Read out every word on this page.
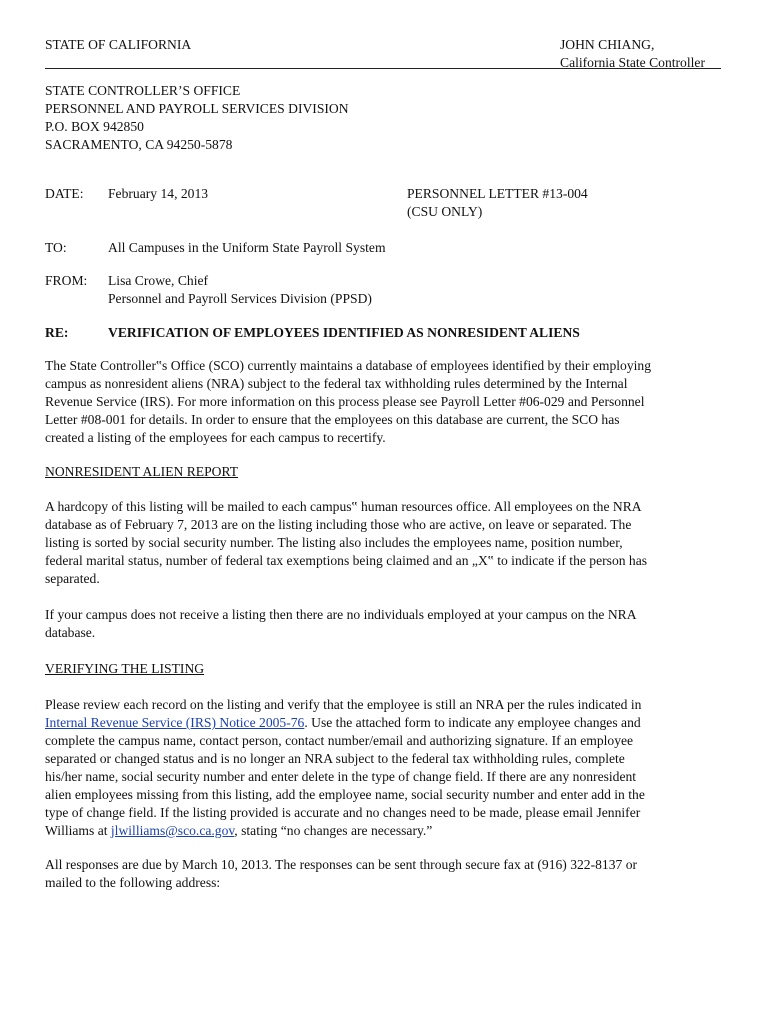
STATE OF CALIFORNIA	JOHN CHIANG,
California State Controller
STATE CONTROLLER’S OFFICE
PERSONNEL AND PAYROLL SERVICES DIVISION
P.O. BOX 942850
SACRAMENTO, CA 94250-5878
DATE: February 14, 2013	PERSONNEL LETTER #13-004
(CSU ONLY)
TO:	All Campuses in the Uniform State Payroll System
FROM: Lisa Crowe, Chief
Personnel and Payroll Services Division (PPSD)
RE:	VERIFICATION OF EMPLOYEES IDENTIFIED AS NONRESIDENT ALIENS
The State Controller‟s Office (SCO) currently maintains a database of employees identified by their employing
campus as nonresident aliens (NRA) subject to the federal tax withholding rules determined by the Internal
Revenue Service (IRS). For more information on this process please see Payroll Letter #06-029 and Personnel
Letter #08-001 for details. In order to ensure that the employees on this database are current, the SCO has
created a listing of the employees for each campus to recertify.
NONRESIDENT ALIEN REPORT
A hardcopy of this listing will be mailed to each campus‟ human resources office. All employees on the NRA
database as of February 7, 2013 are on the listing including those who are active, on leave or separated. The
listing is sorted by social security number. The listing also includes the employees name, position number,
federal marital status, number of federal tax exemptions being claimed and an „X‟ to indicate if the person has
separated.
If your campus does not receive a listing then there are no individuals employed at your campus on the NRA
database.
VERIFYING THE LISTING
Please review each record on the listing and verify that the employee is still an NRA per the rules indicated in
Internal Revenue Service (IRS) Notice 2005-76. Use the attached form to indicate any employee changes and
complete the campus name, contact person, contact number/email and authorizing signature. If an employee
separated or changed status and is no longer an NRA subject to the federal tax withholding rules, complete
his/her name, social security number and enter delete in the type of change field. If there are any nonresident
alien employees missing from this listing, add the employee name, social security number and enter add in the
type of change field. If the listing provided is accurate and no changes need to be made, please email Jennifer
Williams at jlwilliams@sco.ca.gov, stating “no changes are necessary.”
All responses are due by March 10, 2013. The responses can be sent through secure fax at (916) 322-8137 or
mailed to the following address:
